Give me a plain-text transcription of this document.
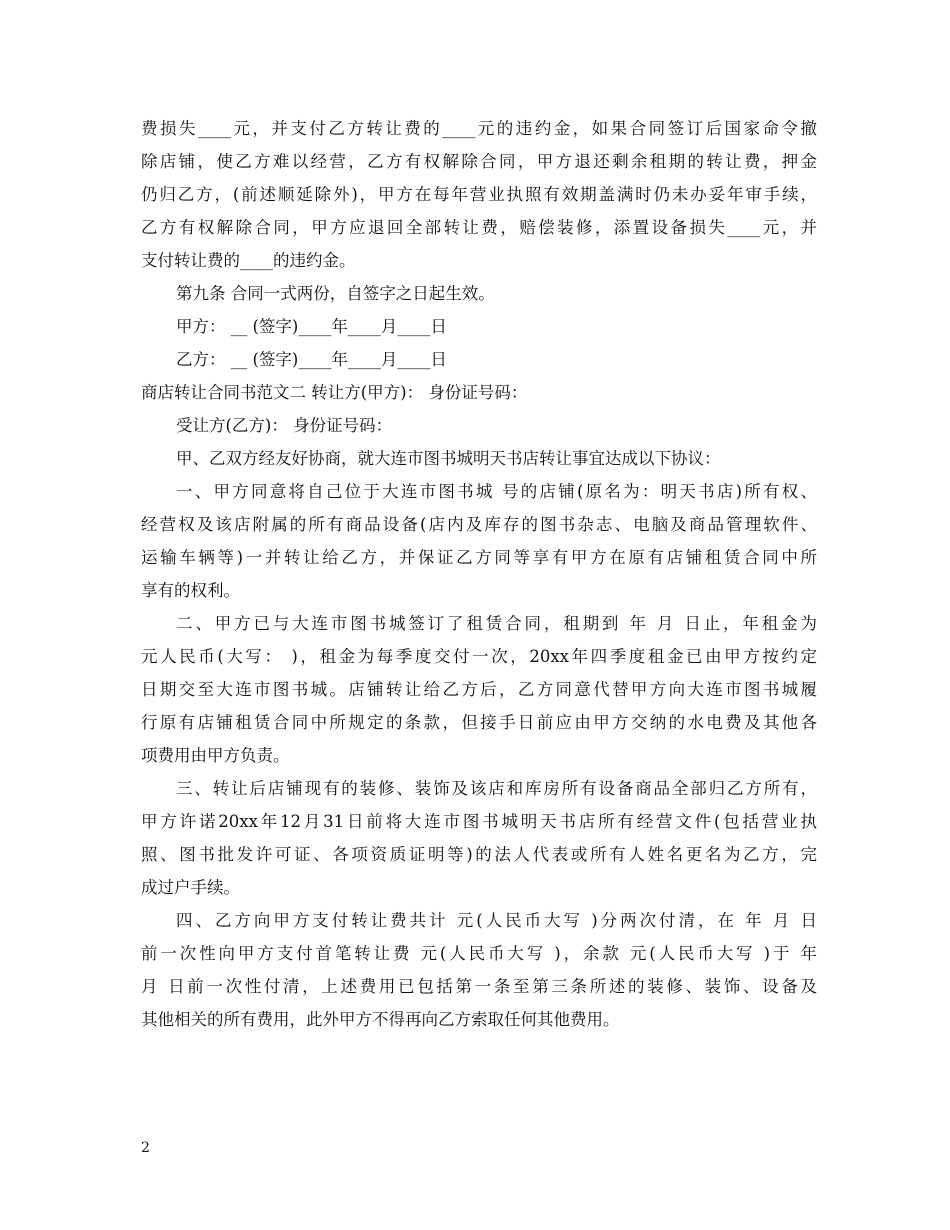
费损失____元，并支付乙方转让费的____元的违约金，如果合同签订后国家命令撤
除店铺，使乙方难以经营，乙方有权解除合同，甲方退还剩余租期的转让费，押金
仍归乙方，(前述顺延除外)，甲方在每年营业执照有效期盖满时仍未办妥年审手续，
乙方有权解除合同，甲方应退回全部转让费，赔偿装修，添置设备损失____元，并
支付转让费的____的违约金。
第九条 合同一式两份，自签字之日起生效。
甲方： __ (签字)____年____月____日
乙方： __ (签字)____年____月____日
商店转让合同书范文二 转让方(甲方)： 身份证号码：
受让方(乙方)： 身份证号码：
甲、乙双方经友好协商，就大连市图书城明天书店转让事宜达成以下协议：
一、甲方同意将自己位于大连市图书城 号的店铺(原名为：明天书店)所有权、
经营权及该店附属的所有商品设备(店内及库存的图书杂志、电脑及商品管理软件、
运输车辆等)一并转让给乙方，并保证乙方同等享有甲方在原有店铺租赁合同中所
享有的权利。
二、甲方已与大连市图书城签订了租赁合同，租期到 年 月 日止，年租金为
元人民币(大写： )，租金为每季度交付一次，20xx年四季度租金已由甲方按约定
日期交至大连市图书城。店铺转让给乙方后，乙方同意代替甲方向大连市图书城履
行原有店铺租赁合同中所规定的条款，但接手日前应由甲方交纳的水电费及其他各
项费用由甲方负责。
三、转让后店铺现有的装修、装饰及该店和库房所有设备商品全部归乙方所有，
甲方许诺20xx年12月31日前将大连市图书城明天书店所有经营文件(包括营业执
照、图书批发许可证、各项资质证明等)的法人代表或所有人姓名更名为乙方，完
成过户手续。
四、乙方向甲方支付转让费共计 元(人民币大写 )分两次付清，在 年 月 日
前一次性向甲方支付首笔转让费 元(人民币大写 )，余款 元(人民币大写 )于 年
月 日前一次性付清，上述费用已包括第一条至第三条所述的装修、装饰、设备及
其他相关的所有费用，此外甲方不得再向乙方索取任何其他费用。
2
